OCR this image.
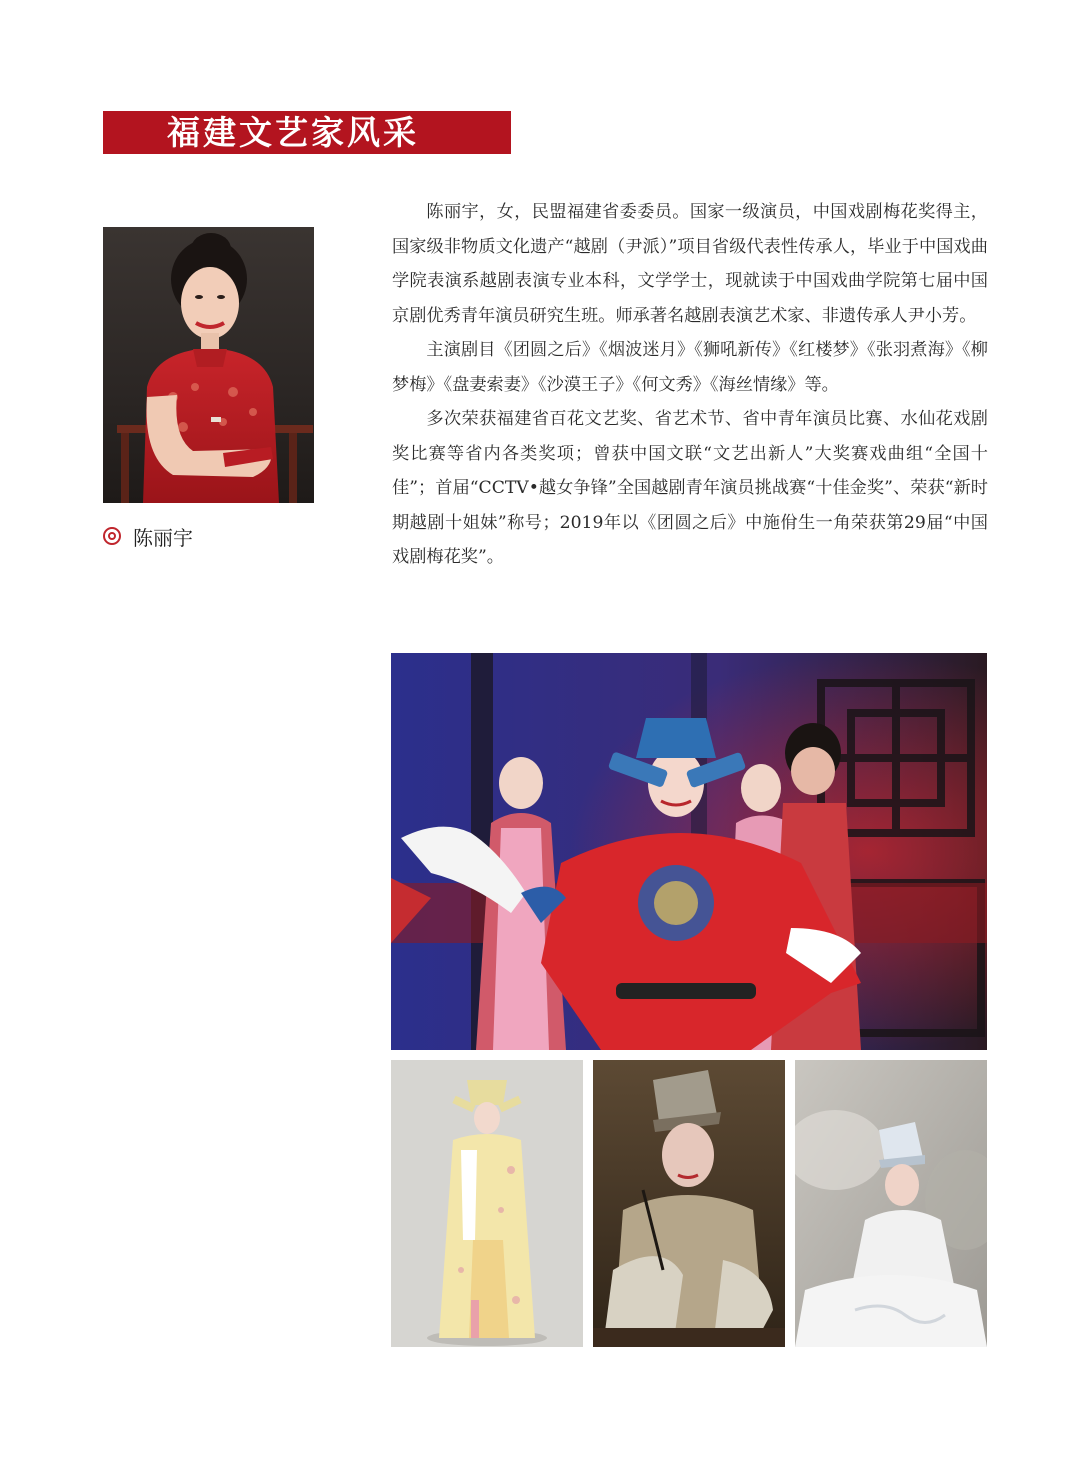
福建文艺家风采
陈丽宇

陈丽宇，女，民盟福建省委委员。国家一级演员，中国戏剧梅花奖得主，国家级非物质文化遗产“越剧（尹派）”项目省级代表性传承人，毕业于中国戏曲学院表演系越剧表演专业本科，文学学士，现就读于中国戏曲学院第七届中国京剧优秀青年演员研究生班。师承著名越剧表演艺术家、非遗传承人尹小芳。

主演剧目《团圆之后》《烟波迷月》《狮吼新传》《红楼梦》《张羽煮海》《柳梦梅》《盘妻索妻》《沙漠王子》《何文秀》《海丝情缘》等。

多次荣获福建省百花文艺奖、省艺术节、省中青年演员比赛、水仙花戏剧奖比赛等省内各类奖项；曾获中国文联“文艺出新人”大奖赛戏曲组“全国十佳”；首届“CCTV•越女争锋”全国越剧青年演员挑战赛“十佳金奖”、荣获“新时期越剧十姐妹”称号；2019年以《团圆之后》中施佾生一角荣获第29届“中国戏剧梅花奖”。
